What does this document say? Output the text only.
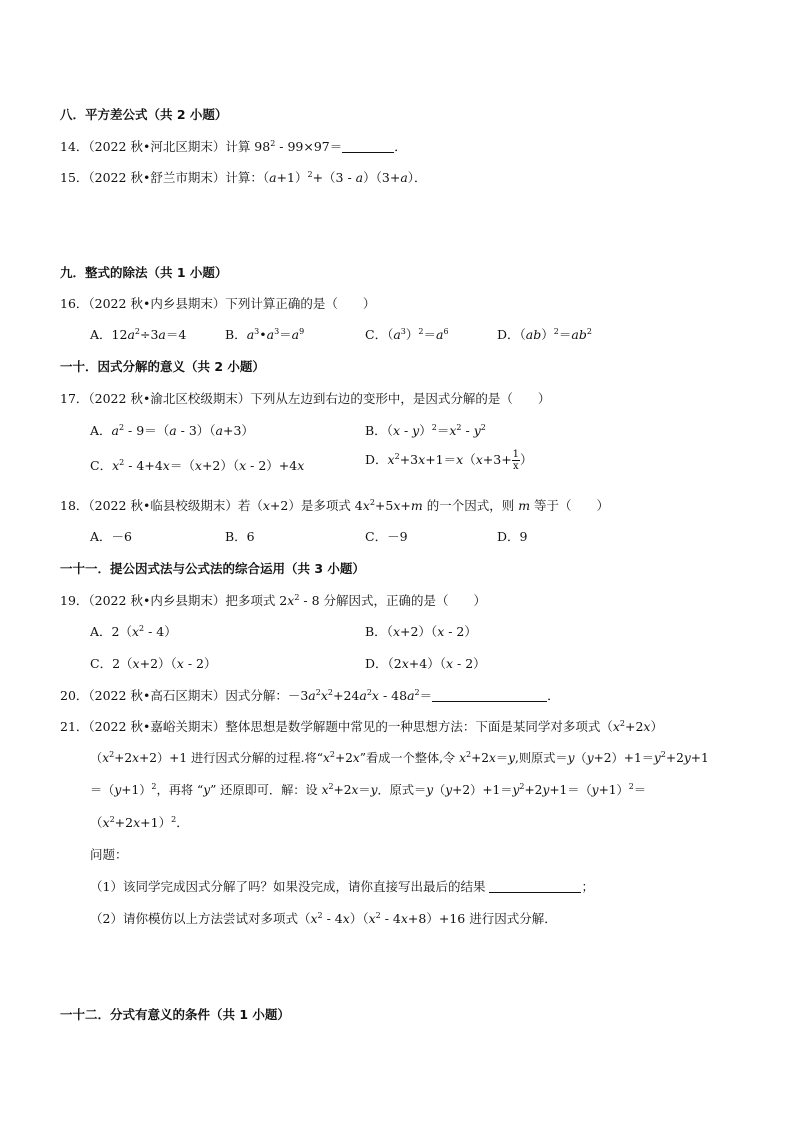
八．平方差公式（共 2 小题）
14．（2022 秋•河北区期末）计算 $98^2 - 99\times 97=$	．
15．（2022 秋•舒兰市期末）计算：$(a+1)^2+(3 - a)(3+a)$．
九．整式的除法（共 1 小题）
16．（2022 秋•内乡县期末）下列计算正确的是（　　）
A．$12a^2\div 3a=4$	B．$a^3•a^3=a^9$	C．$(a^3)^2=a^6$	D．$(ab)^2=ab^2$
一十．因式分解的意义（共 2 小题）
17．（2022 秋•渝北区校级期末）下列从左边到右边的变形中，是因式分解的是（　　）
A．$a^2 - 9=(a - 3)(a+3)$	B．$(x - y)^2=x^2 - y^2$
C．$x^2 - 4+4x=(x+2)(x - 2)+4x$	D．$x^2+3x+1=x(x+3+ \frac{1}{x}$ ）
18．（2022 秋•临县校级期末）若（x+2）是多项式 $4x^2+5x+m$ 的一个因式，则 m 等于（　　）
A．－6	B．6	C．－9	D．9
一十一．提公因式法与公式法的综合运用（共 3 小题）
19．（2022 秋•内乡县期末）把多项式 $2x^2 - 8$ 分解因式，正确的是（　　）
A．$2(x^2 - 4)$	B．（x+2）（x - 2）
C．2（x+2）（x - 2）	D．（2x+4）（x - 2）
20．（2022 秋•高石区期末）因式分解：$-3a^2x^2+24a^2x - 48a^2=$	．
21．（2022 秋•嘉峪关期末）整体思想是数学解题中常见的一种思想方法：下面是某同学对多项式$(x^2+2x)$
$(x^2+2x+2)+1$ 进行因式分解的过程.将“$x^2+2x$”看成一个整体,令 $x^2+2x=y$,则原式$=y(y+2)+1=y^2+2y+1$
$=(y+1)^2$，再将 “y” 还原即可．解：设 $x^2+2x=y$．原式$=y(y+2)+1=y^2+2y+1=(y+1)^2=$
$(x^2+2x+1)^2$．
问题：
（1）该同学完成因式分解了吗？如果没完成，请你直接写出最后的结果	；
（2）请你模仿以上方法尝试对多项式$(x^2 - 4x)(x^2 - 4x+8)+16$ 进行因式分解．
一十二．分式有意义的条件（共 1 小题）
